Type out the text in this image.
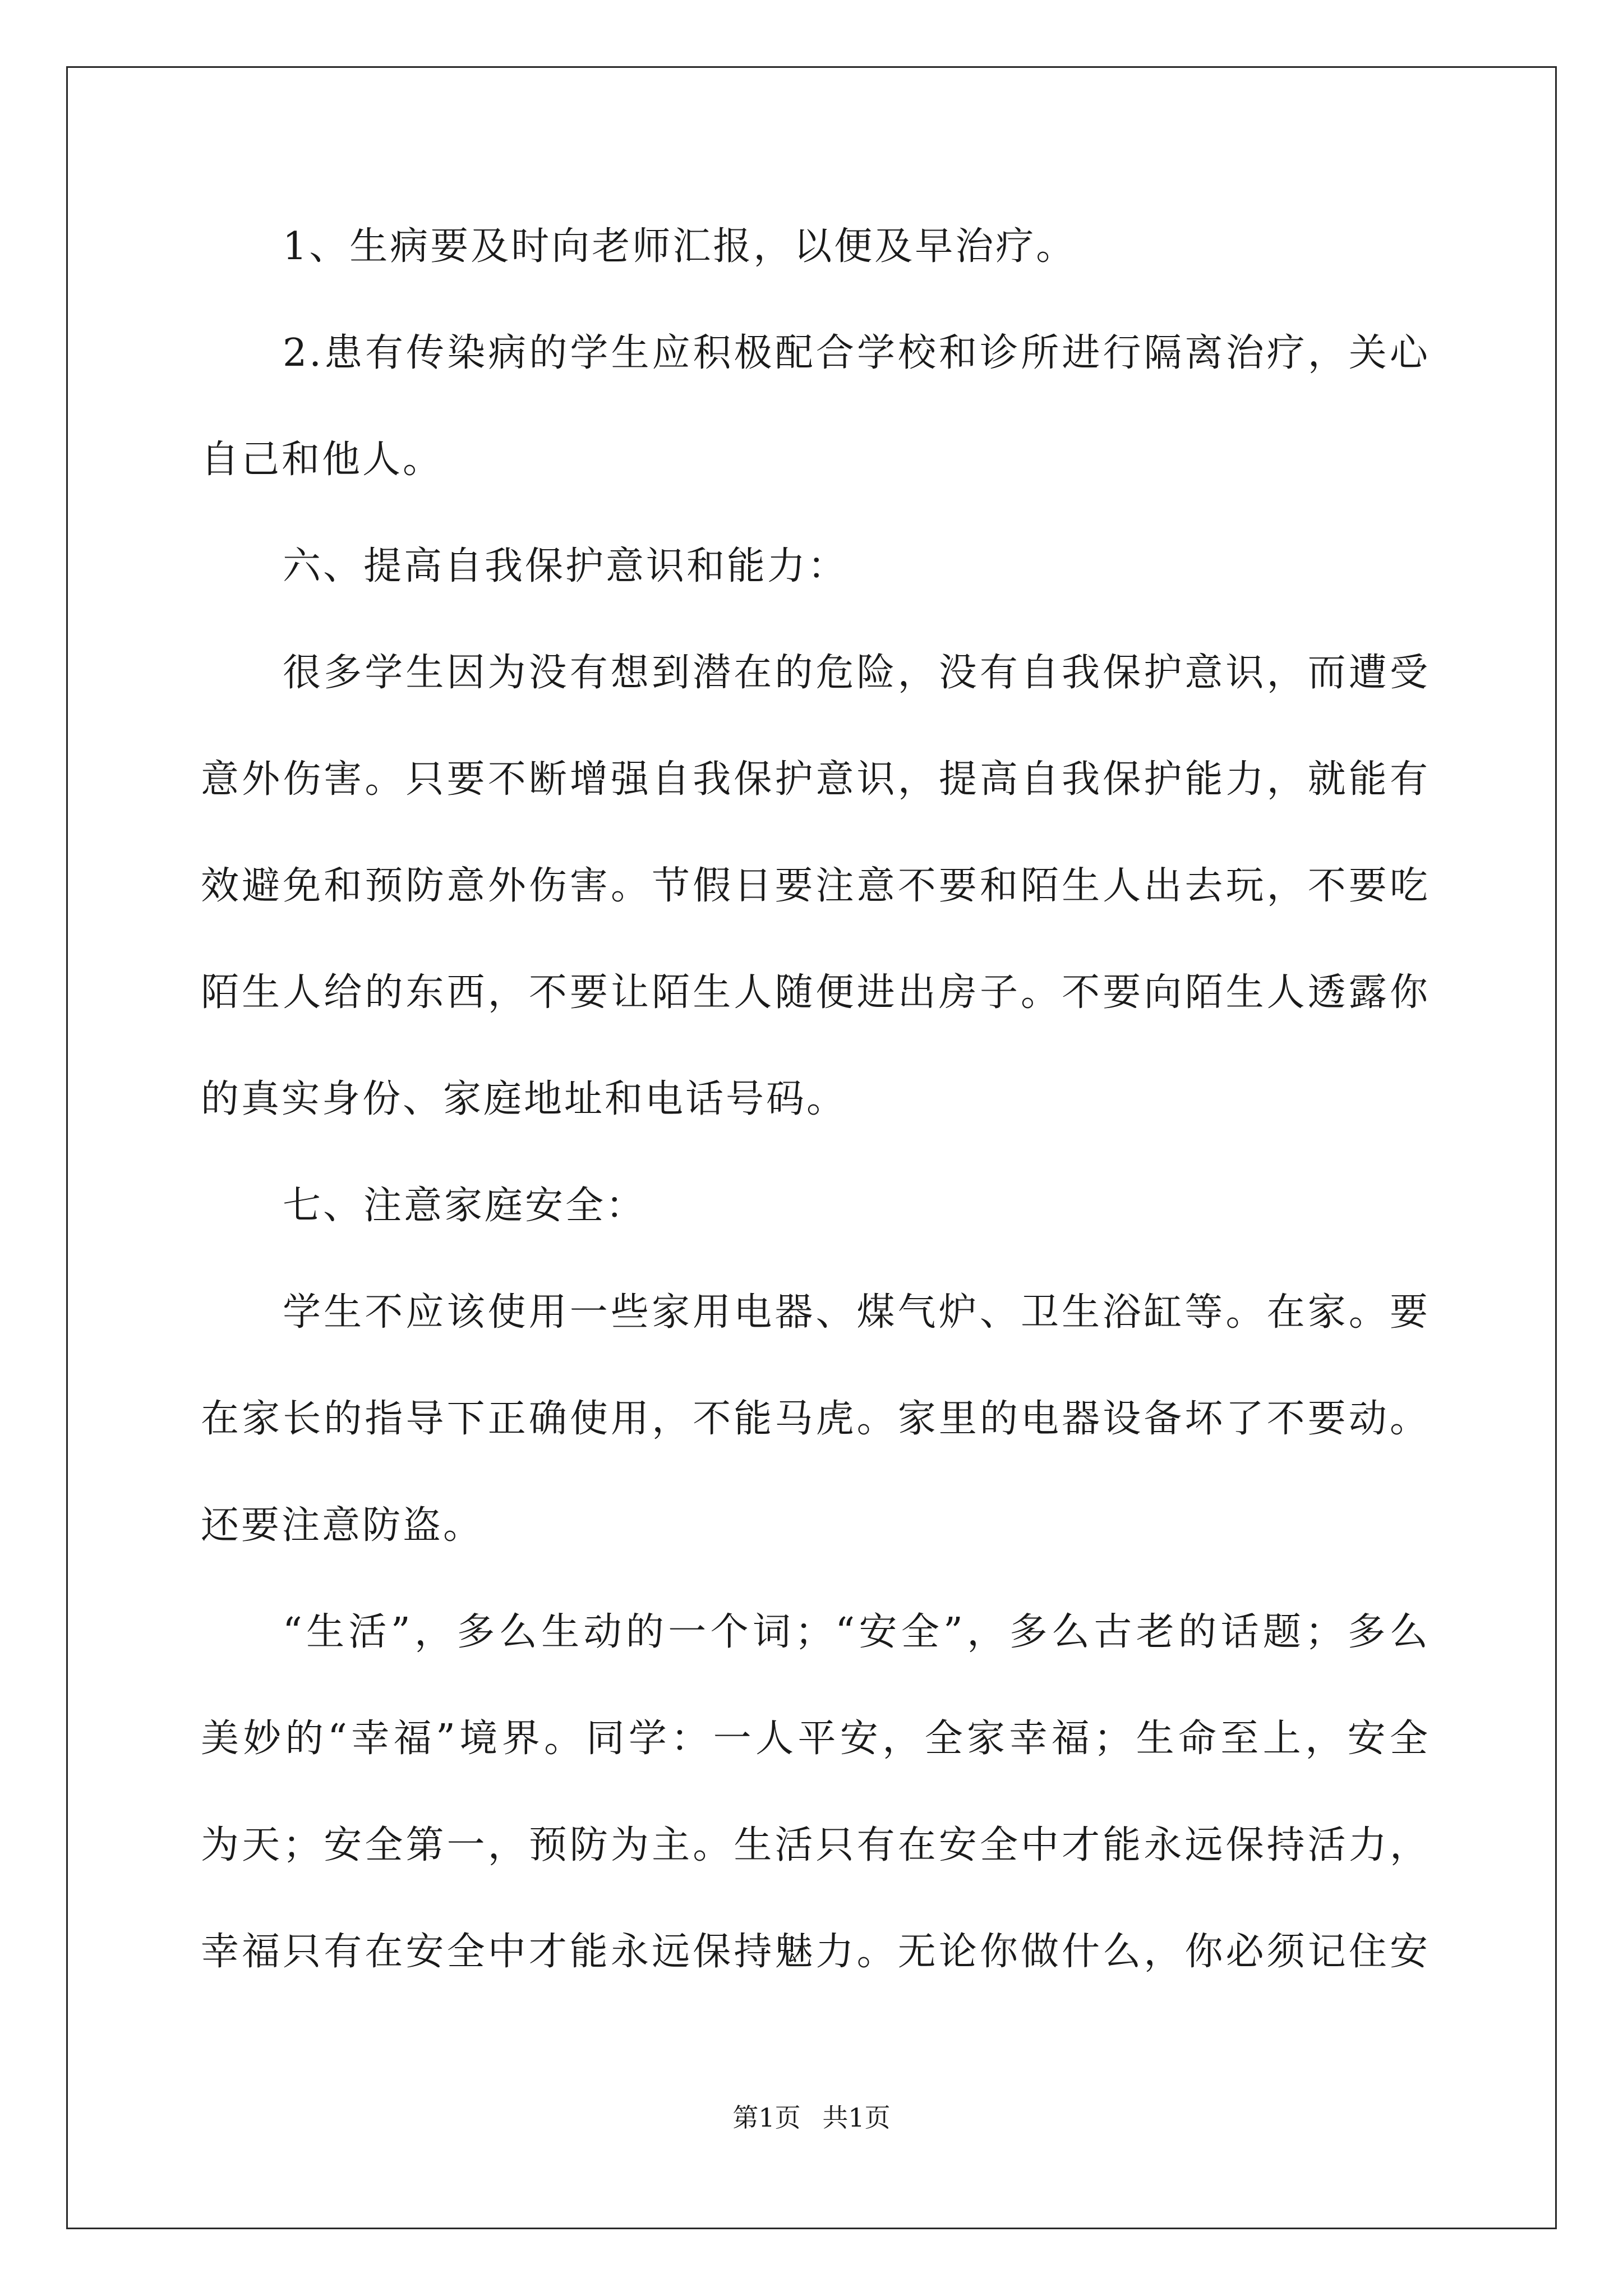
1、生病要及时向老师汇报，以便及早治疗。
2.患有传染病的学生应积极配合学校和诊所进行隔离治疗，关心
自己和他人。
六、提高自我保护意识和能力：
很多学生因为没有想到潜在的危险，没有自我保护意识，而遭受
意外伤害。只要不断增强自我保护意识，提高自我保护能力，就能有
效避免和预防意外伤害。节假日要注意不要和陌生人出去玩，不要吃
陌生人给的东西，不要让陌生人随便进出房子。不要向陌生人透露你
的真实身份、家庭地址和电话号码。
七、注意家庭安全：
学生不应该使用一些家用电器、煤气炉、卫生浴缸等。在家。要
在家长的指导下正确使用，不能马虎。家里的电器设备坏了不要动。
还要注意防盗。
“生活”，多么生动的一个词；“安全”，多么古老的话题；多么
美妙的“幸福”境界。同学：一人平安，全家幸福；生命至上，安全
为天；安全第一，预防为主。生活只有在安全中才能永远保持活力，
幸福只有在安全中才能永远保持魅力。无论你做什么，你必须记住安
第1页 共1页
